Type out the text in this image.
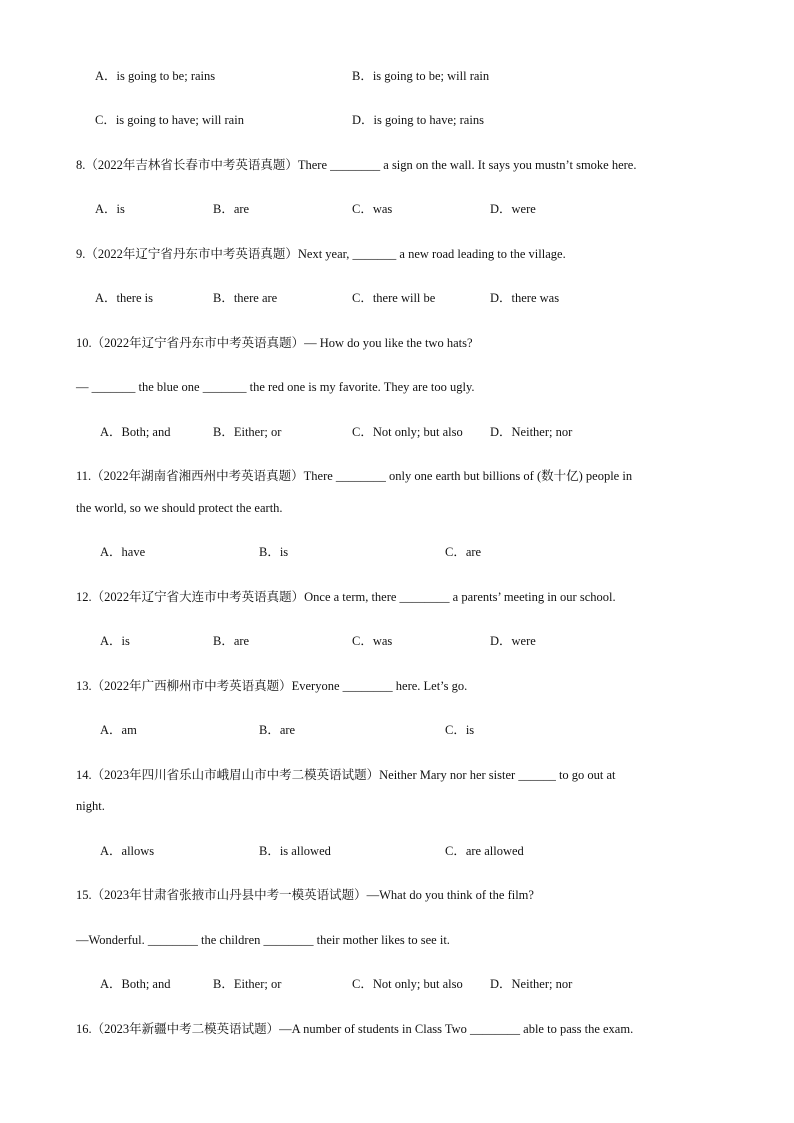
A．is going to be; rains	B．is going to be; will rain
C．is going to have; will rain	D．is going to have; rains
8.（2022年吉林省长春市中考英语真题）There ________ a sign on the wall. It says you mustn’t smoke here.
A．is	B．are	C．was	D．were
9.（2022年辽宁省丹东市中考英语真题）Next year, _______ a new road leading to the village.
A．there is	B．there are	C．there will be	D．there was
10.（2022年辽宁省丹东市中考英语真题）— How do you like the two hats?
— _______ the blue one _______ the red one is my favorite. They are too ugly.
A．Both; and	B．Either; or	C．Not only; but also D．Neither; nor
11.（2022年湖南省湘西州中考英语真题）There ________ only one earth but billions of (数十亿) people in
the world, so we should protect the earth.
A．have	B．is	C．are
12.（2022年辽宁省大连市中考英语真题）Once a term, there ________ a parents’ meeting in our school.
A．is	B．are	C．was	D．were
13.（2022年广西柳州市中考英语真题）Everyone ________ here. Let’s go.
A．am	B．are	C．is
14.（2023年四川省乐山市峨眉山市中考二模英语试题）Neither Mary nor her sister ______ to go out at
night.
A．allows	B．is allowed	C．are allowed
15.（2023年甘肃省张掖市山丹县中考一模英语试题）—What do you think of the film?
—Wonderful. ________ the children ________ their mother likes to see it.
A．Both; and	B．Either; or	C．Not only; but also D．Neither; nor
16.（2023年新疆中考二模英语试题）—A number of students in Class Two ________ able to pass the exam.
